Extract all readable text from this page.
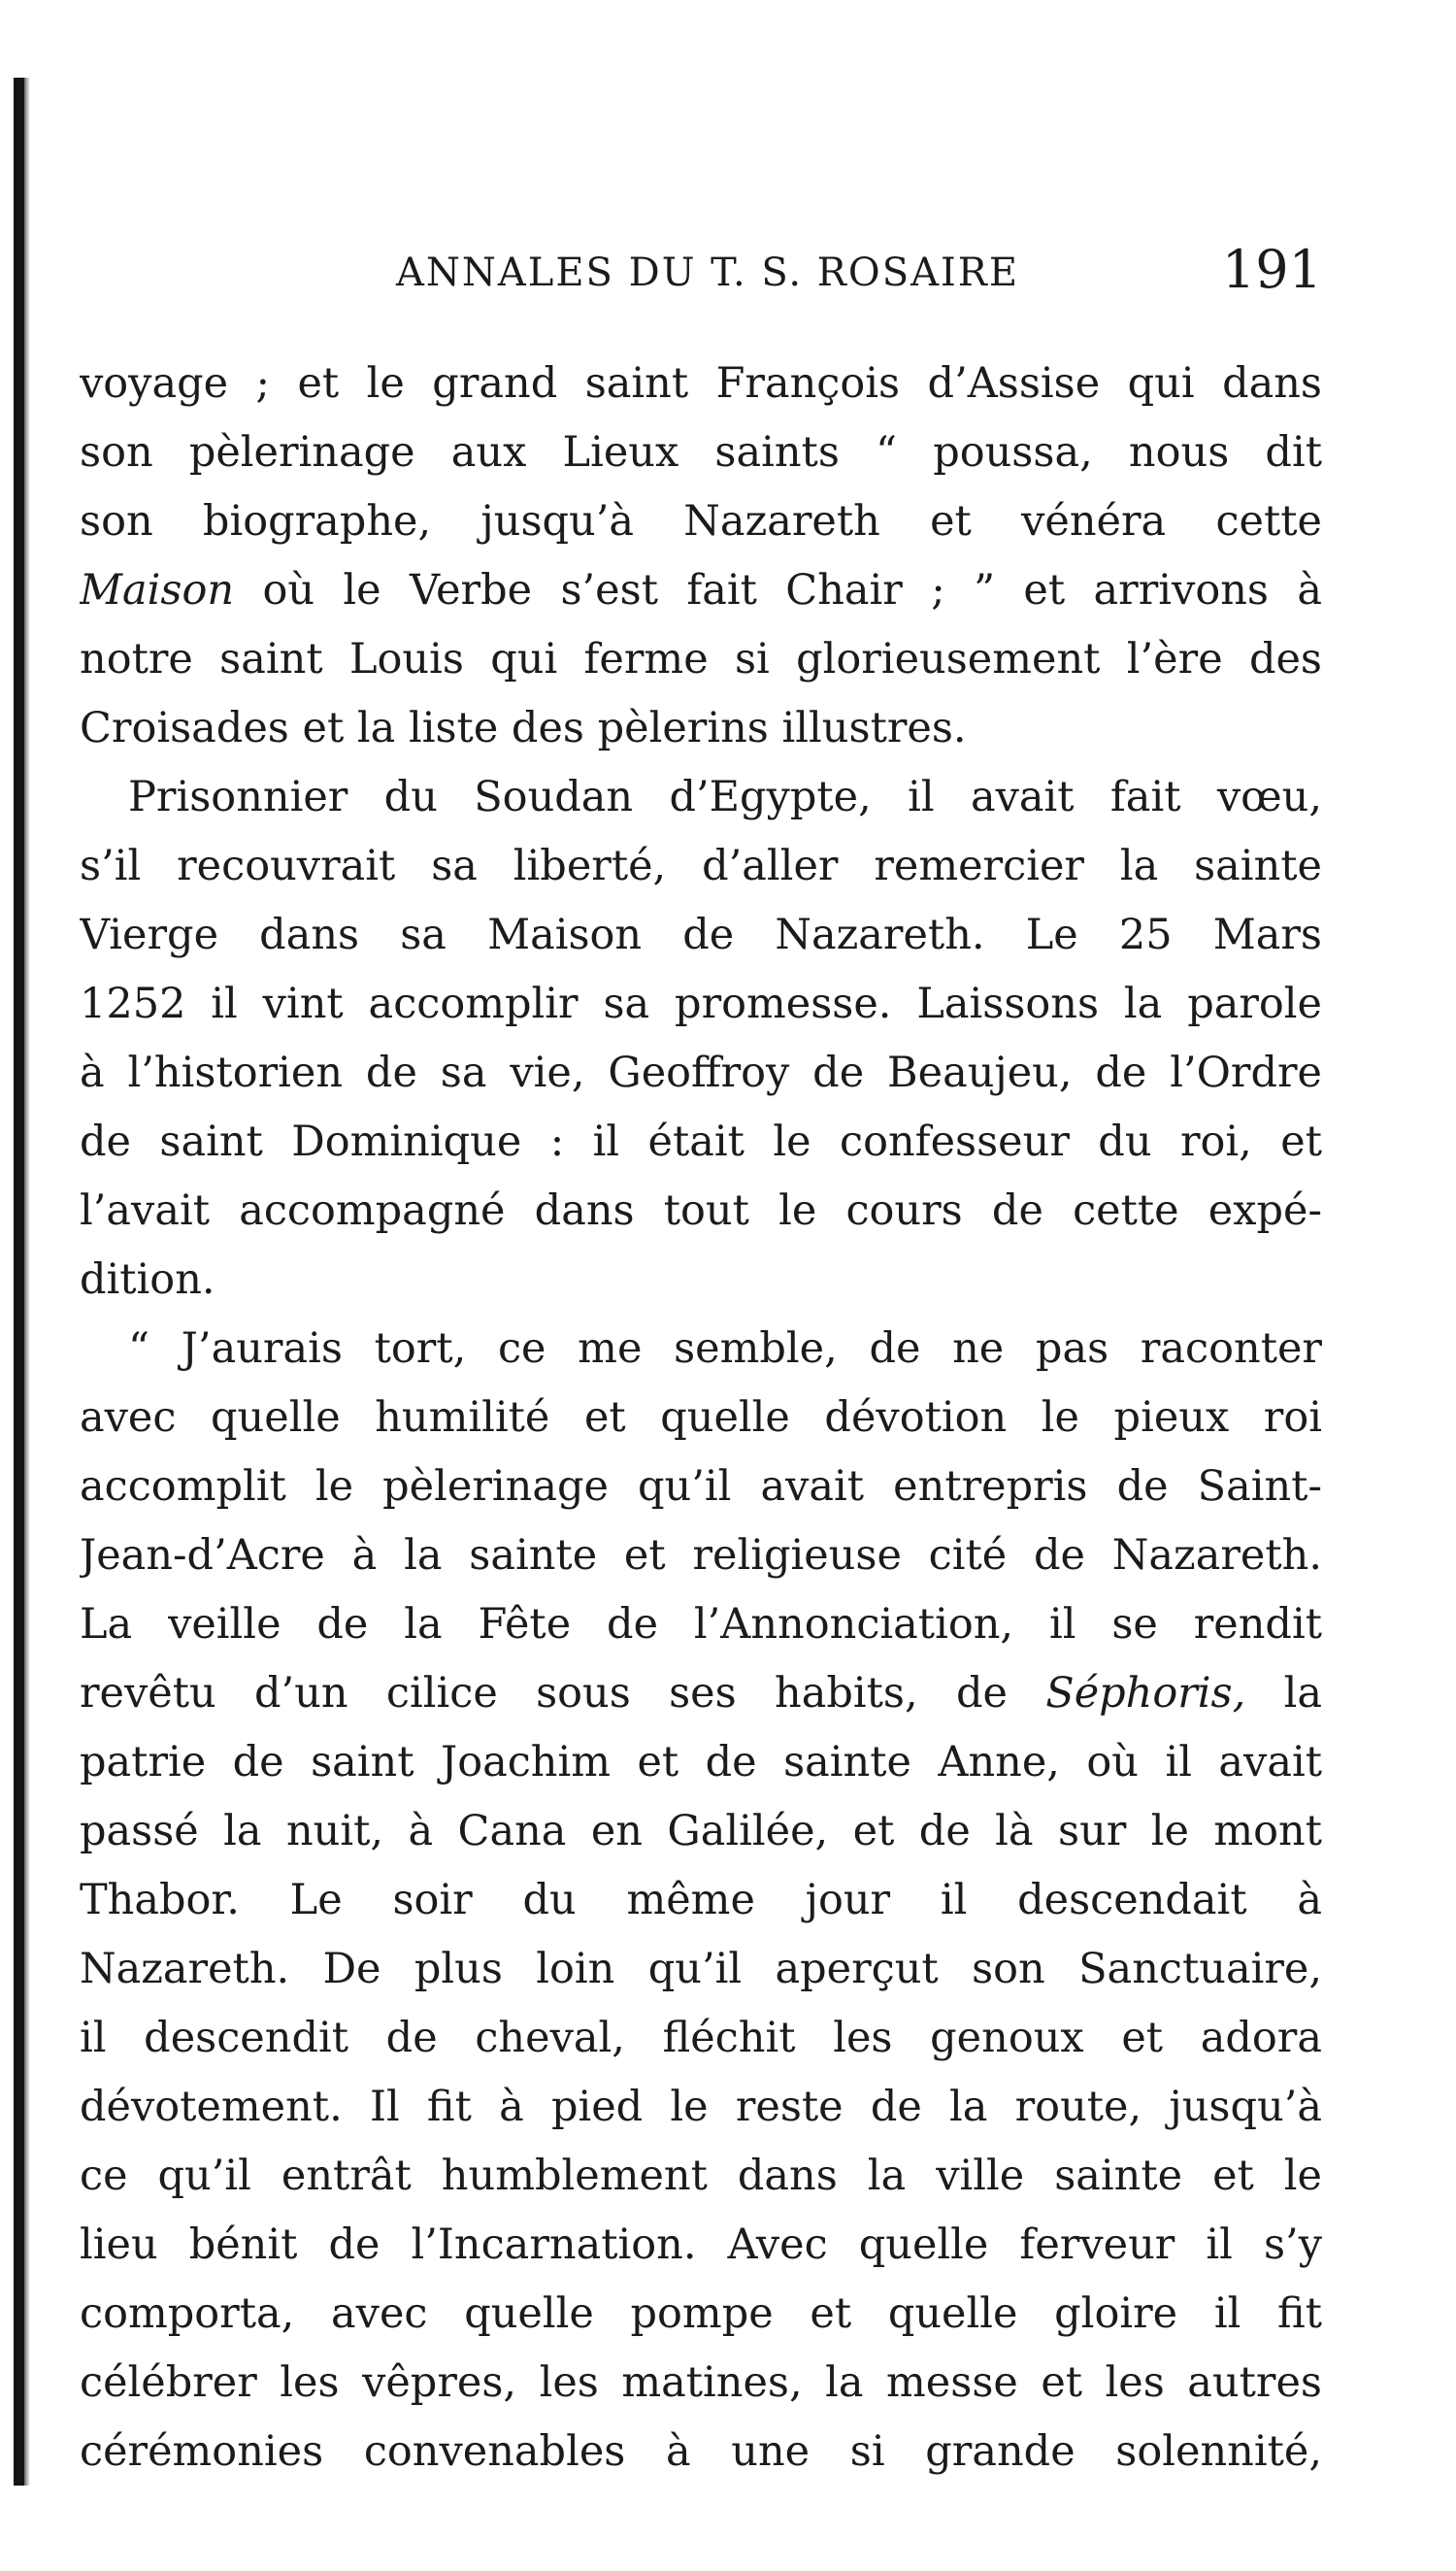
ANNALES DU T. S. ROSAIRE	191
voyage ; et le grand saint François d’Assise qui dans
son pèlerinage aux Lieux saints “ poussa, nous dit
son biographe, jusqu’à Nazareth et vénéra cette
Maison où le Verbe s’est fait Chair ; ” et arrivons à
notre saint Louis qui ferme si glorieusement l’ère des
Croisades et la liste des pèlerins illustres.
Prisonnier du Soudan d’Egypte, il avait fait vœu,
s’il recouvrait sa liberté, d’aller remercier la sainte
Vierge dans sa Maison de Nazareth. Le 25 Mars
1252 il vint accomplir sa promesse. Laissons la parole
à l’historien de sa vie, Geoffroy de Beaujeu, de l’Ordre
de saint Dominique : il était le confesseur du roi, et
l’avait accompagné dans tout le cours de cette expé-
dition.
“ J’aurais tort, ce me semble, de ne pas raconter
avec quelle humilité et quelle dévotion le pieux roi
accomplit le pèlerinage qu’il avait entrepris de Saint-
Jean-d’Acre à la sainte et religieuse cité de Nazareth.
La veille de la Fête de l’Annonciation, il se rendit
revêtu d’un cilice sous ses habits, de Séphoris, la
patrie de saint Joachim et de sainte Anne, où il avait
passé la nuit, à Cana en Galilée, et de là sur le mont
Thabor. Le soir du même jour il descendait à
Nazareth. De plus loin qu’il aperçut son Sanctuaire,
il descendit de cheval, fléchit les genoux et adora
dévotement. Il fit à pied le reste de la route, jusqu’à
ce qu’il entrât humblement dans la ville sainte et le
lieu bénit de l’Incarnation. Avec quelle ferveur il s’y
comporta, avec quelle pompe et quelle gloire il fit
célébrer les vêpres, les matines, la messe et les autres
cérémonies convenables à une si grande solennité,
